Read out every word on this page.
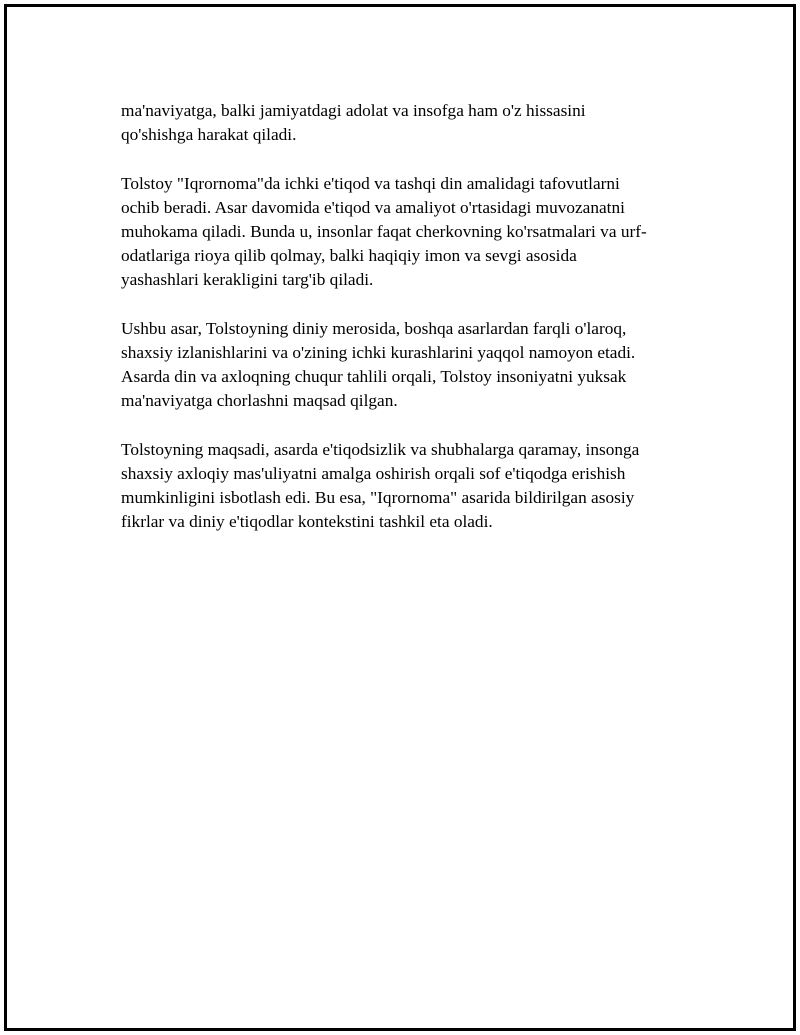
ma'naviyatga, balki jamiyatdagi adolat va insofga ham o'z hissasini
qo'shishga harakat qiladi.

Tolstoy "Iqrornoma"da ichki e'tiqod va tashqi din amalidagi tafovutlarni
ochib beradi. Asar davomida e'tiqod va amaliyot o'rtasidagi muvozanatni
muhokama qiladi. Bunda u, insonlar faqat cherkovning ko'rsatmalari va urf-
odatlariga rioya qilib qolmay, balki haqiqiy imon va sevgi asosida
yashashlari kerakligini targ'ib qiladi.

Ushbu asar, Tolstoyning diniy merosida, boshqa asarlardan farqli o'laroq,
shaxsiy izlanishlarini va o'zining ichki kurashlarini yaqqol namoyon etadi.
Asarda din va axloqning chuqur tahlili orqali, Tolstoy insoniyatni yuksak
ma'naviyatga chorlashni maqsad qilgan.

Tolstoyning maqsadi, asarda e'tiqodsizlik va shubhalarga qaramay, insonga
shaxsiy axloqiy mas'uliyatni amalga oshirish orqali sof e'tiqodga erishish
mumkinligini isbotlash edi. Bu esa, "Iqrornoma" asarida bildirilgan asosiy
fikrlar va diniy e'tiqodlar kontekstini tashkil eta oladi.
